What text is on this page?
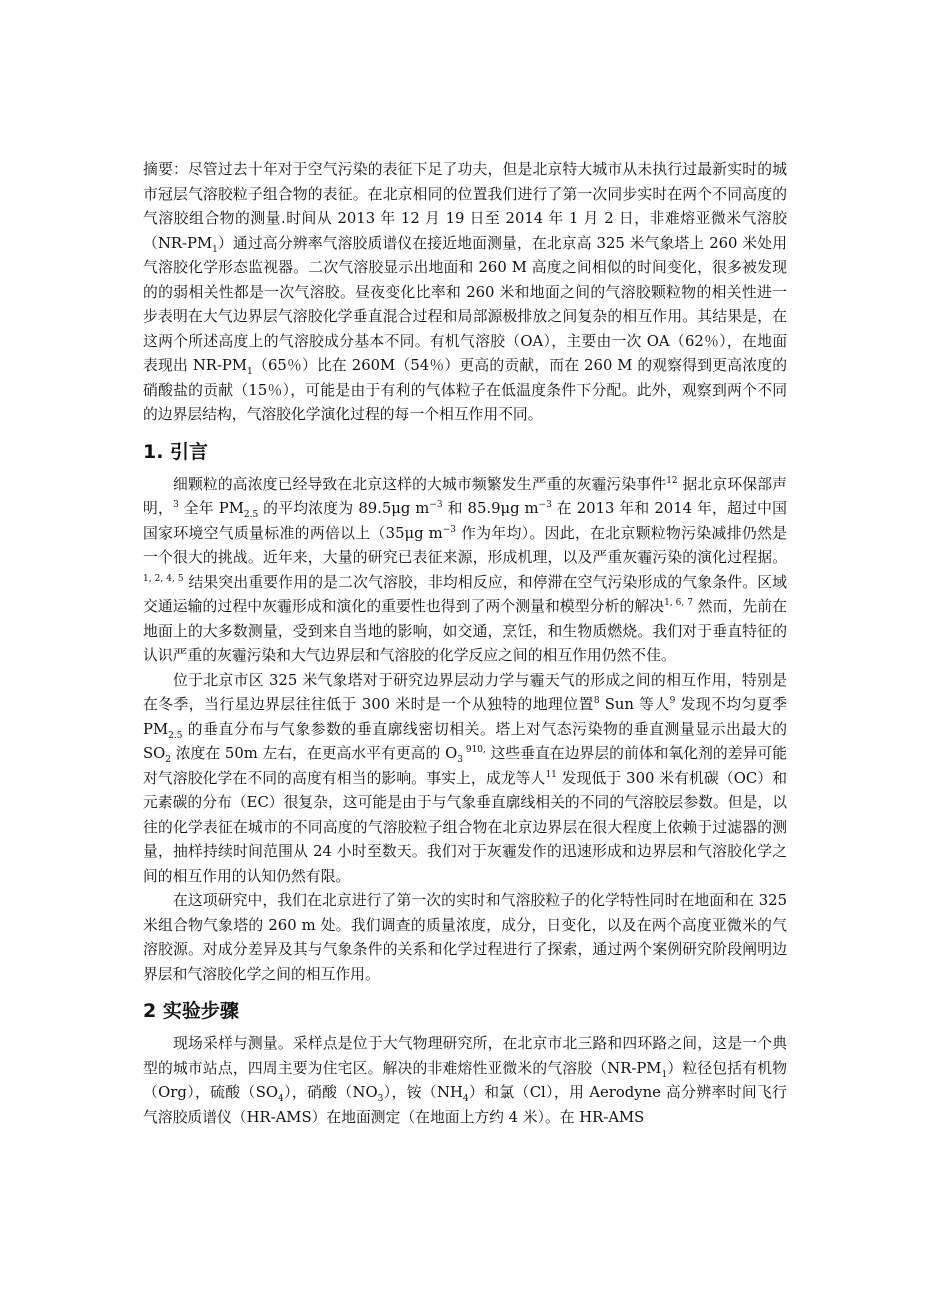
摘要：尽管过去十年对于空气污染的表征下足了功夫，但是北京特大城市从未执行过最新实时的城市冠层气溶胶粒子组合物的表征。在北京相同的位置我们进行了第一次同步实时在两个不同高度的气溶胶组合物的测量.时间从 2013 年 12 月 19 日至 2014 年 1 月 2 日，非难熔亚微米气溶胶$(NR-PM_1)$通过高分辨率气溶胶质谱仪在接近地面测量，在北京高 325 米气象塔上 260 米处用气溶胶化学形态监视器。二次气溶胶显示出地面和 260 M 高度之间相似的时间变化，很多被发现的的弱相关性都是一次气溶胶。昼夜变化比率和 260 米和地面之间的气溶胶颗粒物的相关性进一步表明在大气边界层气溶胶化学垂直混合过程和局部源极排放之间复杂的相互作用。其结果是，在这两个所述高度上的气溶胶成分基本不同。有机气溶胶（OA），主要由一次 OA（62％），在地面表现出 $NR-PM_1(65$％）比在 260M（54％）更高的贡献，而在 260 M 的观察得到更高浓度的硝酸盐的贡献（15％），可能是由于有利的气体粒子在低温度条件下分配。此外，观察到两个不同的边界层结构，气溶胶化学演化过程的每一个相互作用不同。

1. 引言

细颗粒的高浓度已经导致在北京这样的大城市频繁发生严重的灰霾污染事件$^{12}$ 据北京环保部声明，$^3$ 全年 $PM_{2.5}$ 的平均浓度为 89.5μg $m^{-3}$ 和 85.9μg $m^{-3}$ 在 2013 年和 2014 年，超过中国国家环境空气质量标准的两倍以上（35μg $m^{-3}$ 作为年均）。因此，在北京颗粒物污染减排仍然是一个很大的挑战。近年来，大量的研究已表征来源，形成机理，以及严重灰霾污染的演化过程据。$^{1, 2, 4, 5}$ 结果突出重要作用的是二次气溶胶，非均相反应，和停滞在空气污染形成的气象条件。区域交通运输的过程中灰霾形成和演化的重要性也得到了两个测量和模型分析的解决$^{1, 6, 7}$ 然而，先前在地面上的大多数测量，受到来自当地的影响，如交通，烹饪，和生物质燃烧。我们对于垂直特征的认识严重的灰霾污染和大气边界层和气溶胶的化学反应之间的相互作用仍然不佳。

位于北京市区 325 米气象塔对于研究边界层动力学与霾天气的形成之间的相互作用，特别是在冬季，当行星边界层往往低于 300 米时是一个从独特的地理位置$^8$ Sun 等人$^9$ 发现不均匀夏季 $PM_{2.5}$ 的垂直分布与气象参数的垂直廓线密切相关。塔上对气态污染物的垂直测量显示出最大的 $SO_2$ 浓度在 50m 左右，在更高水平有更高的 $O_3$ $^{910,}$ 这些垂直在边界层的前体和氧化剂的差异可能对气溶胶化学在不同的高度有相当的影响。事实上，成龙等人$^{11}$ 发现低于 300 米有机碳（OC）和元素碳的分布（EC）很复杂，这可能是由于与气象垂直廓线相关的不同的气溶胶层参数。但是，以往的化学表征在城市的不同高度的气溶胶粒子组合物在北京边界层在很大程度上依赖于过滤器的测量，抽样持续时间范围从 24 小时至数天。我们对于灰霾发作的迅速形成和边界层和气溶胶化学之间的相互作用的认知仍然有限。

在这项研究中，我们在北京进行了第一次的实时和气溶胶粒子的化学特性同时在地面和在 325 米组合物气象塔的 260 m 处。我们调查的质量浓度，成分，日变化，以及在两个高度亚微米的气溶胶源。对成分差异及其与气象条件的关系和化学过程进行了探索，通过两个案例研究阶段阐明边界层和气溶胶化学之间的相互作用。

2 实验步骤

现场采样与测量。采样点是位于大气物理研究所，在北京市北三路和四环路之间，这是一个典型的城市站点，四周主要为住宅区。解决的非难熔性亚微米的气溶胶$(NR-PM_1)$粒径包括有机物（Org），硫酸$(SO_4)$，硝酸$(NO_3)$，铵$(NH_4)$和氯（Cl），用 Aerodyne 高分辨率时间飞行气溶胶质谱仪（HR-AMS）在地面测定（在地面上方约 4 米）。在 HR-AMS
